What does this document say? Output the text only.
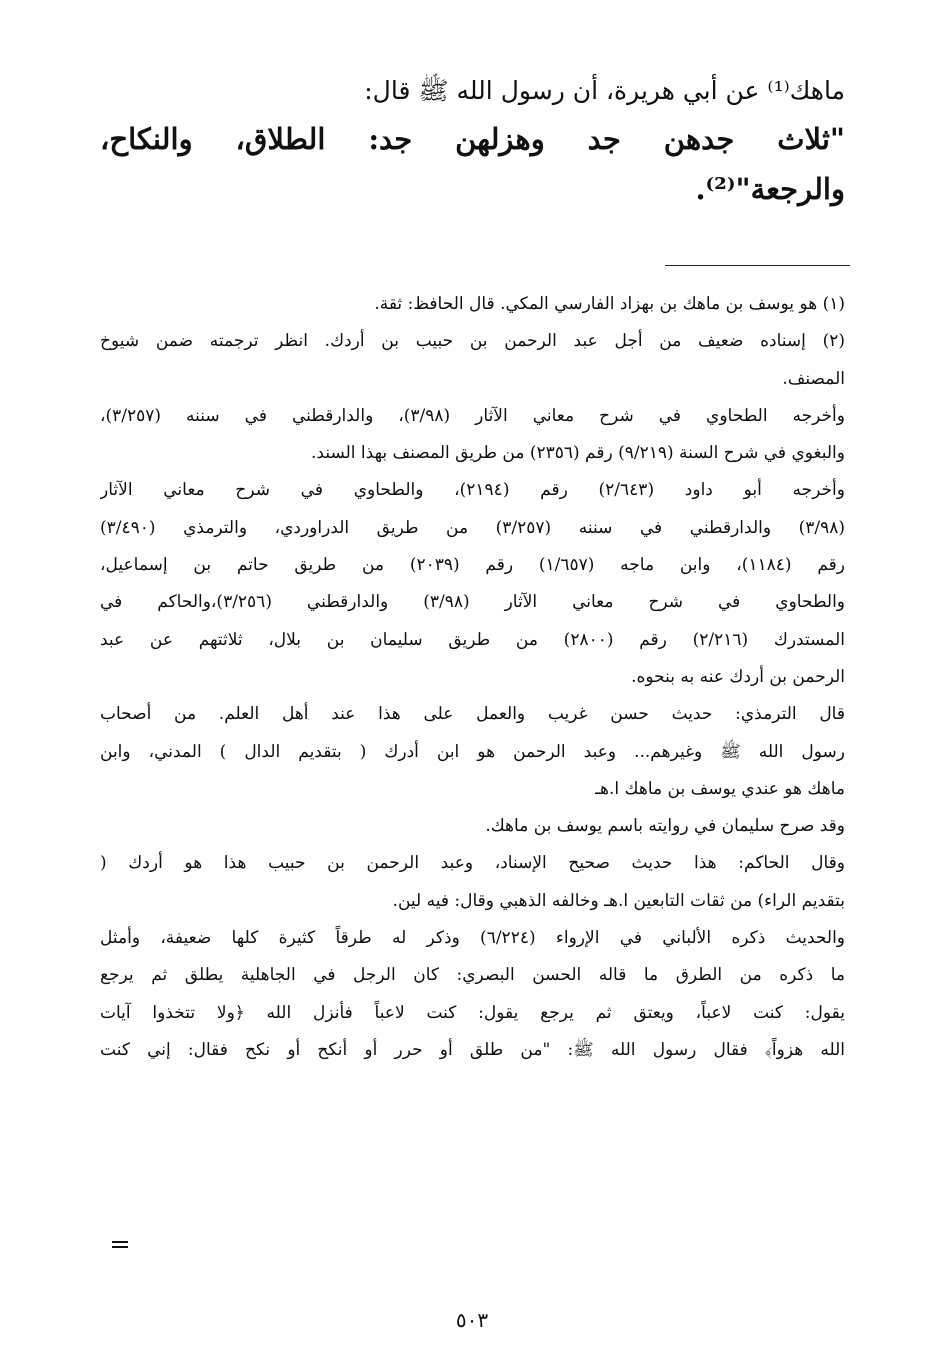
ماهك⁽¹⁾ عن أبي هريرة، أن رسول الله ﷺ قال:

"ثلاث جدهن جد وهزلهن جد: الطلاق، والنكاح،

والرجعة"⁽²⁾.

(١) هو يوسف بن ماهك بن بهزاد الفارسي المكي. قال الحافظ: ثقة.

(٢) إسناده ضعيف من أجل عبد الرحمن بن حبيب بن أردك. انظر ترجمته ضمن شيوخ

المصنف.

وأخرجه الطحاوي في شرح معاني الآثار (٣/٩٨)، والدارقطني في سننه (٣/٢٥٧)،

والبغوي في شرح السنة (٩/٢١٩) رقم (٢٣٥٦) من طريق المصنف بهذا السند.

وأخرجه أبو داود (٢/٦٤٣) رقم (٢١٩٤)، والطحاوي في شرح معاني الآثار

(٣/٩٨) والدارقطني في سننه (٣/٢٥٧) من طريق الدراوردي، والترمذي (٣/٤٩٠)

رقم (١١٨٤)، وابن ماجه (١/٦٥٧) رقم (٢٠٣٩) من طريق حاتم بن إسماعيل،

والطحاوي في شرح معاني الآثار (٣/٩٨) والدارقطني (٣/٢٥٦)،والحاكم في

المستدرك (٢/٢١٦) رقم (٢٨٠٠) من طريق سليمان بن بلال، ثلاثتهم عن عبد

الرحمن بن أردك عنه به بنحوه.

قال الترمذي: حديث حسن غريب والعمل على هذا عند أهل العلم. من أصحاب

رسول الله ﷺ وغيرهم... وعبد الرحمن هو ابن أدرك ( بتقديم الدال ) المدني، وابن

ماهك هو عندي يوسف بن ماهك ا.هـ

وقد صرح سليمان في روايته باسم يوسف بن ماهك.

وقال الحاكم: هذا حديث صحيح الإسناد، وعبد الرحمن بن حبيب هذا هو أردك (

بتقديم الراء) من ثقات التابعين ا.هـ وخالفه الذهبي وقال: فيه لين.

والحديث ذكره الألباني في الإرواء (٦/٢٢٤) وذكر له طرقاً كثيرة كلها ضعيفة، وأمثل

ما ذكره من الطرق ما قاله الحسن البصري: كان الرجل في الجاهلية يطلق ثم يرجع

يقول: كنت لاعباً، ويعتق ثم يرجع يقول: كنت لاعباً فأنزل الله ﴿ولا تتخذوا آيات

الله هزواً﴾ فقال رسول الله ﷺ: "من طلق أو حرر أو أنكح أو نكح فقال: إني كنت

٥٠٣
